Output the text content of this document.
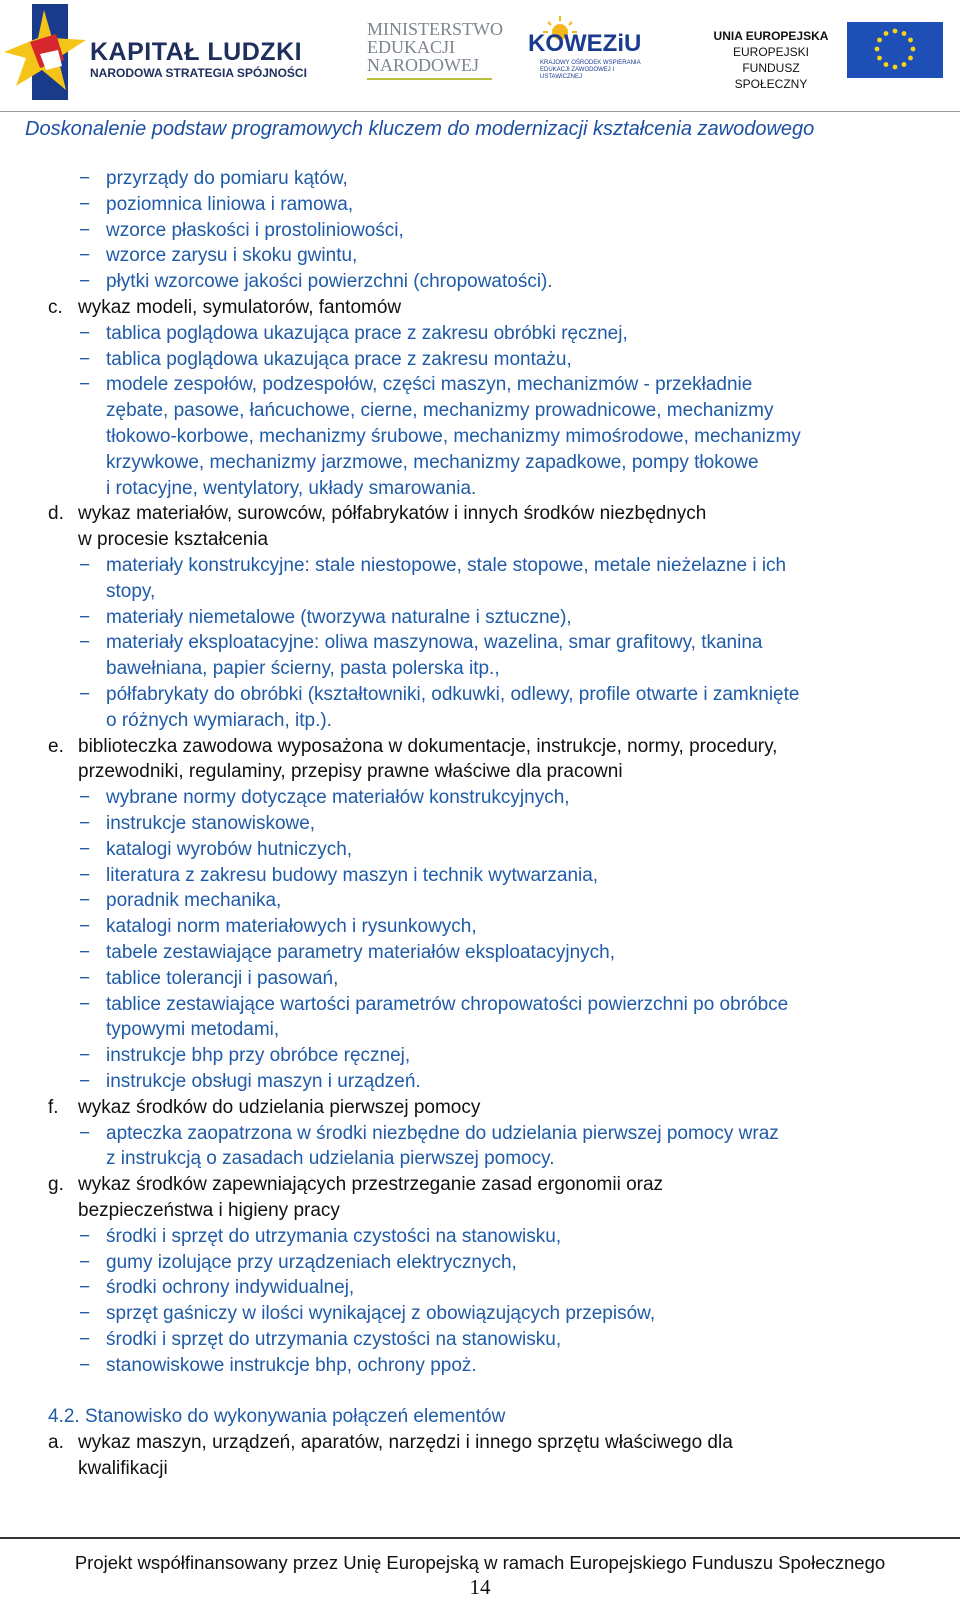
KAPITAŁ LUDZKI
NARODOWA STRATEGIA SPÓJNOŚCI
MINISTERSTWO
EDUKACJI
NARODOWEJ
KOWEZiU
KRAJOWY OŚRODEK WSPIERANIA EDUKACJI ZAWODOWEJ I USTAWICZNEJ
UNIA EUROPEJSKA
EUROPEJSKI
FUNDUSZ SPOŁECZNY
Doskonalenie podstaw programowych kluczem do modernizacji kształcenia zawodowego
− przyrządy do pomiaru kątów,
− poziomnica liniowa i ramowa,
− wzorce płaskości i prostoliniowości,
− wzorce zarysu i skoku gwintu,
− płytki wzorcowe jakości powierzchni (chropowatości).
c. wykaz modeli, symulatorów, fantomów
− tablica poglądowa ukazująca prace z zakresu obróbki ręcznej,
− tablica poglądowa ukazująca prace z zakresu montażu,
− modele zespołów, podzespołów, części maszyn, mechanizmów - przekładnie
zębate, pasowe, łańcuchowe, cierne, mechanizmy prowadnicowe, mechanizmy
tłokowo-korbowe, mechanizmy śrubowe, mechanizmy mimośrodowe, mechanizmy
krzywkowe, mechanizmy jarzmowe, mechanizmy zapadkowe, pompy tłokowe
i rotacyjne, wentylatory, układy smarowania.
d. wykaz materiałów, surowców, półfabrykatów i innych środków niezbędnych
w procesie kształcenia
− materiały konstrukcyjne: stale niestopowe, stale stopowe, metale nieżelazne i ich
stopy,
− materiały niemetalowe (tworzywa naturalne i sztuczne),
− materiały eksploatacyjne: oliwa maszynowa, wazelina, smar grafitowy, tkanina
bawełniana, papier ścierny, pasta polerska itp.,
− półfabrykaty do obróbki (kształtowniki, odkuwki, odlewy, profile otwarte i zamknięte
o różnych wymiarach, itp.).
e. biblioteczka zawodowa wyposażona w dokumentacje, instrukcje, normy, procedury,
przewodniki, regulaminy, przepisy prawne właściwe dla pracowni
− wybrane normy dotyczące materiałów konstrukcyjnych,
− instrukcje stanowiskowe,
− katalogi wyrobów hutniczych,
− literatura z zakresu budowy maszyn i technik wytwarzania,
− poradnik mechanika,
− katalogi norm materiałowych i rysunkowych,
− tabele zestawiające parametry materiałów eksploatacyjnych,
− tablice tolerancji i pasowań,
− tablice zestawiające wartości parametrów chropowatości powierzchni po obróbce
typowymi metodami,
− instrukcje bhp przy obróbce ręcznej,
− instrukcje obsługi maszyn i urządzeń.
f. wykaz środków do udzielania pierwszej pomocy
− apteczka zaopatrzona w środki niezbędne do udzielania pierwszej pomocy wraz
z instrukcją o zasadach udzielania pierwszej pomocy.
g. wykaz środków zapewniających przestrzeganie zasad ergonomii oraz
bezpieczeństwa i higieny pracy
− środki i sprzęt do utrzymania czystości na stanowisku,
− gumy izolujące przy urządzeniach elektrycznych,
− środki ochrony indywidualnej,
− sprzęt gaśniczy w ilości wynikającej z obowiązujących przepisów,
− środki i sprzęt do utrzymania czystości na stanowisku,
− stanowiskowe instrukcje bhp, ochrony ppoż.
4.2. Stanowisko do wykonywania połączeń elementów
a. wykaz maszyn, urządzeń, aparatów, narzędzi i innego sprzętu właściwego dla
kwalifikacji
Projekt współfinansowany przez Unię Europejską w ramach Europejskiego Funduszu Społecznego
14
